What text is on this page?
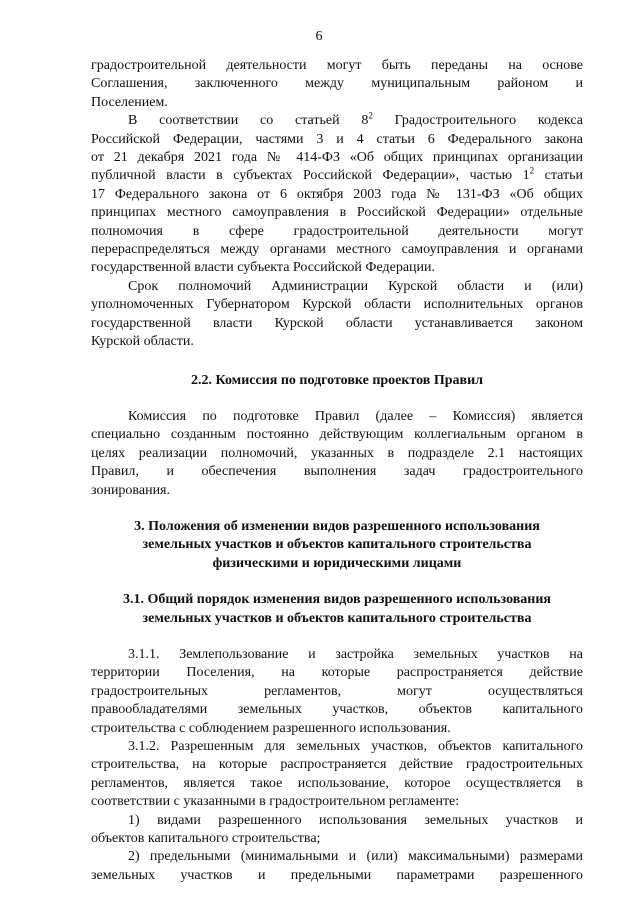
6

градостроительной деятельности могут быть переданы на основе

Соглашения, заключенного между муниципальным районом и

Поселением.

В соответствии со статьей $8^2$ Градостроительного кодекса

Российской Федерации, частями 3 и 4 статьи 6 Федерального закона

от 21 декабря 2021 года № 414-ФЗ «Об общих принципах организации

публичной власти в субъектах Российской Федерации», частью $1^2$ статьи

17 Федерального закона от 6 октября 2003 года № 131-ФЗ «Об общих

принципах местного самоуправления в Российской Федерации» отдельные

полномочия в сфере градостроительной деятельности могут

перераспределяться между органами местного самоуправления и органами

государственной власти субъекта Российской Федерации.

Срок полномочий Администрации Курской области и (или)

уполномоченных Губернатором Курской области исполнительных органов

государственной власти Курской области устанавливается законом

Курской области.

2.2. Комиссия по подготовке проектов Правил

Комиссия по подготовке Правил (далее – Комиссия) является

специально созданным постоянно действующим коллегиальным органом в

целях реализации полномочий, указанных в подразделе 2.1 настоящих

Правил, и обеспечения выполнения задач градостроительного

зонирования.

3. Положения об изменении видов разрешенного использования
земельных участков и объектов капитального строительства
физическими и юридическими лицами
3.1. Общий порядок изменения видов разрешенного использования
земельных участков и объектов капитального строительства

3.1.1. Землепользование и застройка земельных участков на

территории Поселения, на которые распространяется действие

градостроительных регламентов, могут осуществляться

правообладателями земельных участков, объектов капитального

строительства с соблюдением разрешенного использования.

3.1.2. Разрешенным для земельных участков, объектов капитального

строительства, на которые распространяется действие градостроительных

регламентов, является такое использование, которое осуществляется в

соответствии с указанными в градостроительном регламенте:

1) видами разрешенного использования земельных участков и

объектов капитального строительства;

2) предельными (минимальными и (или) максимальными) размерами

земельных участков и предельными параметрами разрешенного
